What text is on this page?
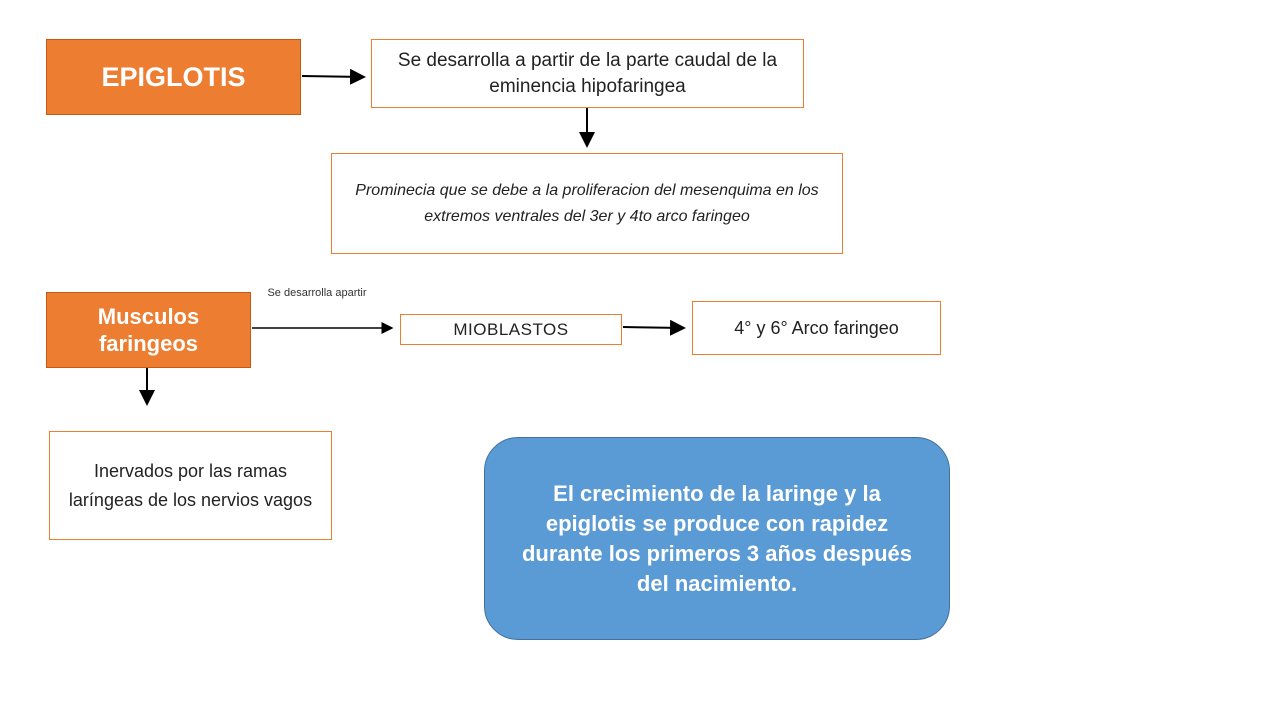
EPIGLOTIS
Se desarrolla a partir de la parte caudal de la eminencia hipofaringea
Prominecia que se debe a la proliferacion del mesenquima en los extremos ventrales del 3er y 4to arco faringeo
Musculos faringeos
Se desarrolla apartir
MIOBLASTOS	4° y 6° Arco faringeo
Inervados por las ramas laríngeas de los nervios vagos	El crecimiento de la laringe y la epiglotis se produce con rapidez durante los primeros 3 años después del nacimiento.
